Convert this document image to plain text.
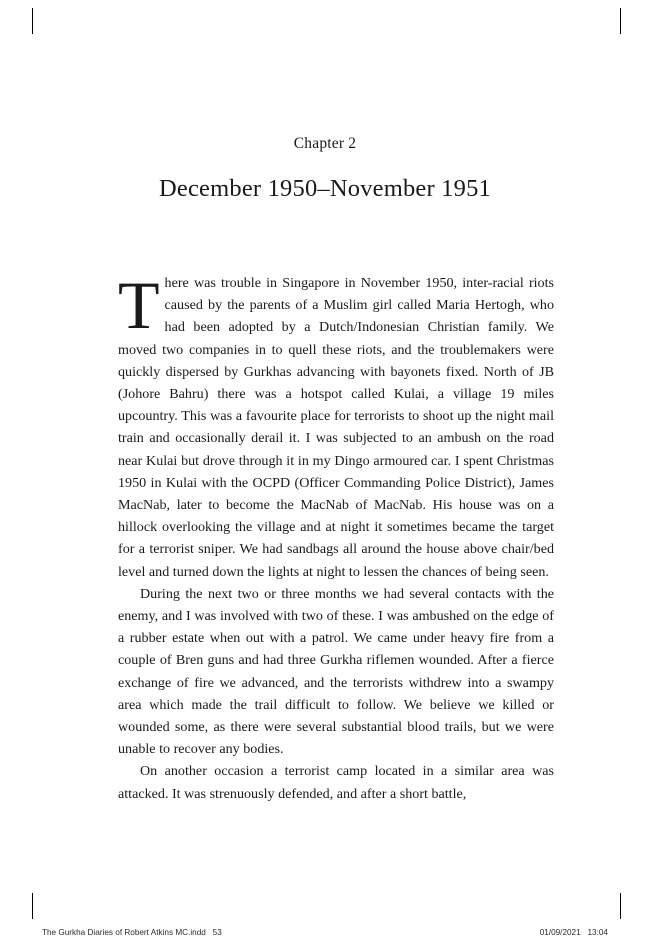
Chapter 2
December 1950–November 1951

There was trouble in Singapore in November 1950, inter-racial riots caused by the parents of a Muslim girl called Maria Hertogh, who had been adopted by a Dutch/Indonesian Christian family. We moved two companies in to quell these riots, and the troublemakers were quickly dispersed by Gurkhas advancing with bayonets fixed. North of JB (Johore Bahru) there was a hotspot called Kulai, a village 19 miles upcountry. This was a favourite place for terrorists to shoot up the night mail train and occasionally derail it. I was subjected to an ambush on the road near Kulai but drove through it in my Dingo armoured car. I spent Christmas 1950 in Kulai with the OCPD (Officer Commanding Police District), James MacNab, later to become the MacNab of MacNab. His house was on a hillock overlooking the village and at night it sometimes became the target for a terrorist sniper. We had sandbags all around the house above chair/bed level and turned down the lights at night to lessen the chances of being seen.

During the next two or three months we had several contacts with the enemy, and I was involved with two of these. I was ambushed on the edge of a rubber estate when out with a patrol. We came under heavy fire from a couple of Bren guns and had three Gurkha riflemen wounded. After a fierce exchange of fire we advanced, and the terrorists withdrew into a swampy area which made the trail difficult to follow. We believe we killed or wounded some, as there were several substantial blood trails, but we were unable to recover any bodies.

On another occasion a terrorist camp located in a similar area was attacked. It was strenuously defended, and after a short battle,

The Gurkha Diaries of Robert Atkins MC.indd   53	01/09/2021 13:04
